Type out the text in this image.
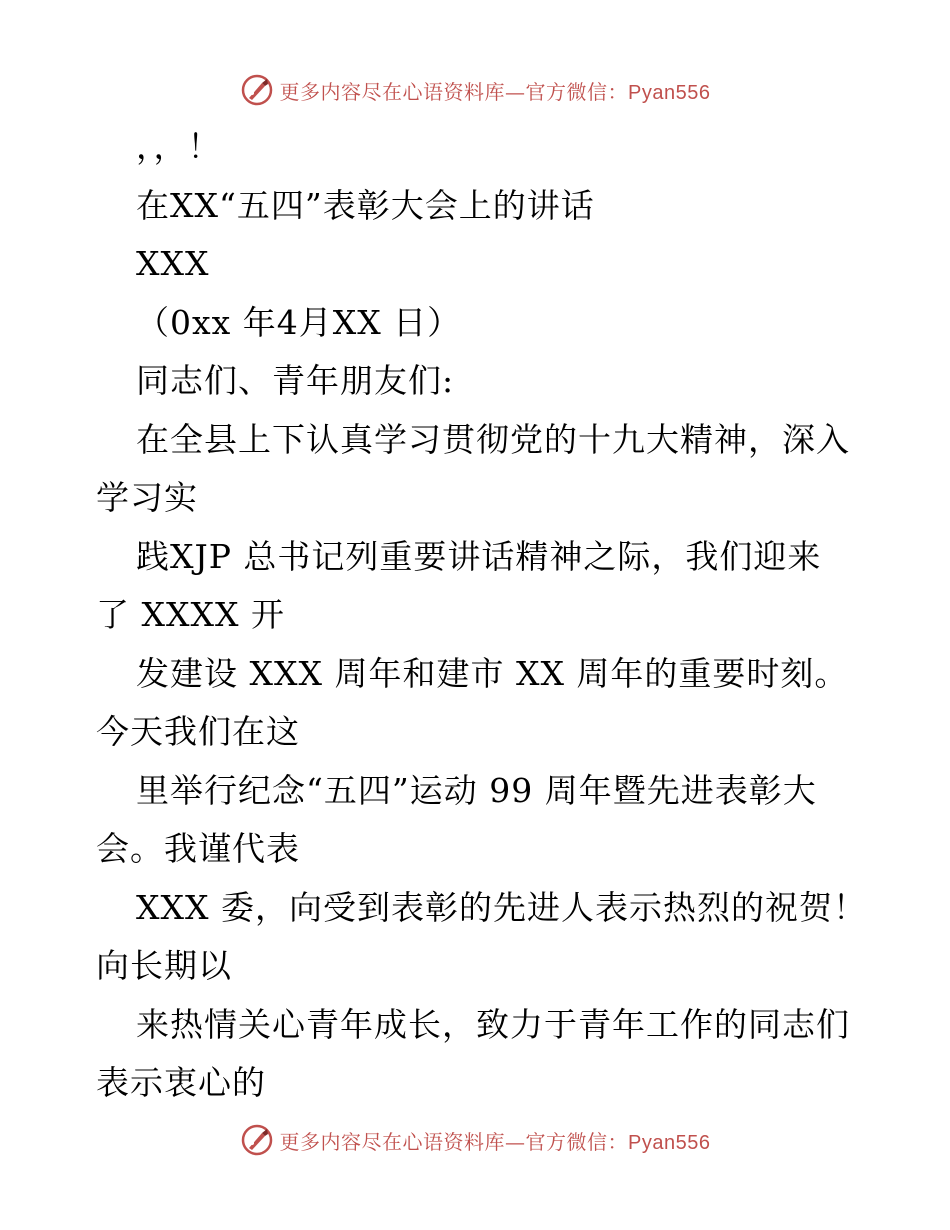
更多内容尽在心语资料库—官方微信：Pyan556
，，！
在XX“五四”表彰大会上的讲话
XXX
（0xx 年4月XX 日）
同志们、青年朋友们:
在全县上下认真学习贯彻党的十九大精神，深入
学习实
践XJP 总书记列重要讲话精神之际，我们迎来
了 XXXX 开
发建设 XXX 周年和建市 XX 周年的重要时刻。
今天我们在这
里举行纪念“五四”运动 99 周年暨先进表彰大
会。我谨代表
XXX 委，向受到表彰的先进人表示热烈的祝贺！
向长期以
来热情关心青年成长，致力于青年工作的同志们
表示衷心的
更多内容尽在心语资料库—官方微信：Pyan556
